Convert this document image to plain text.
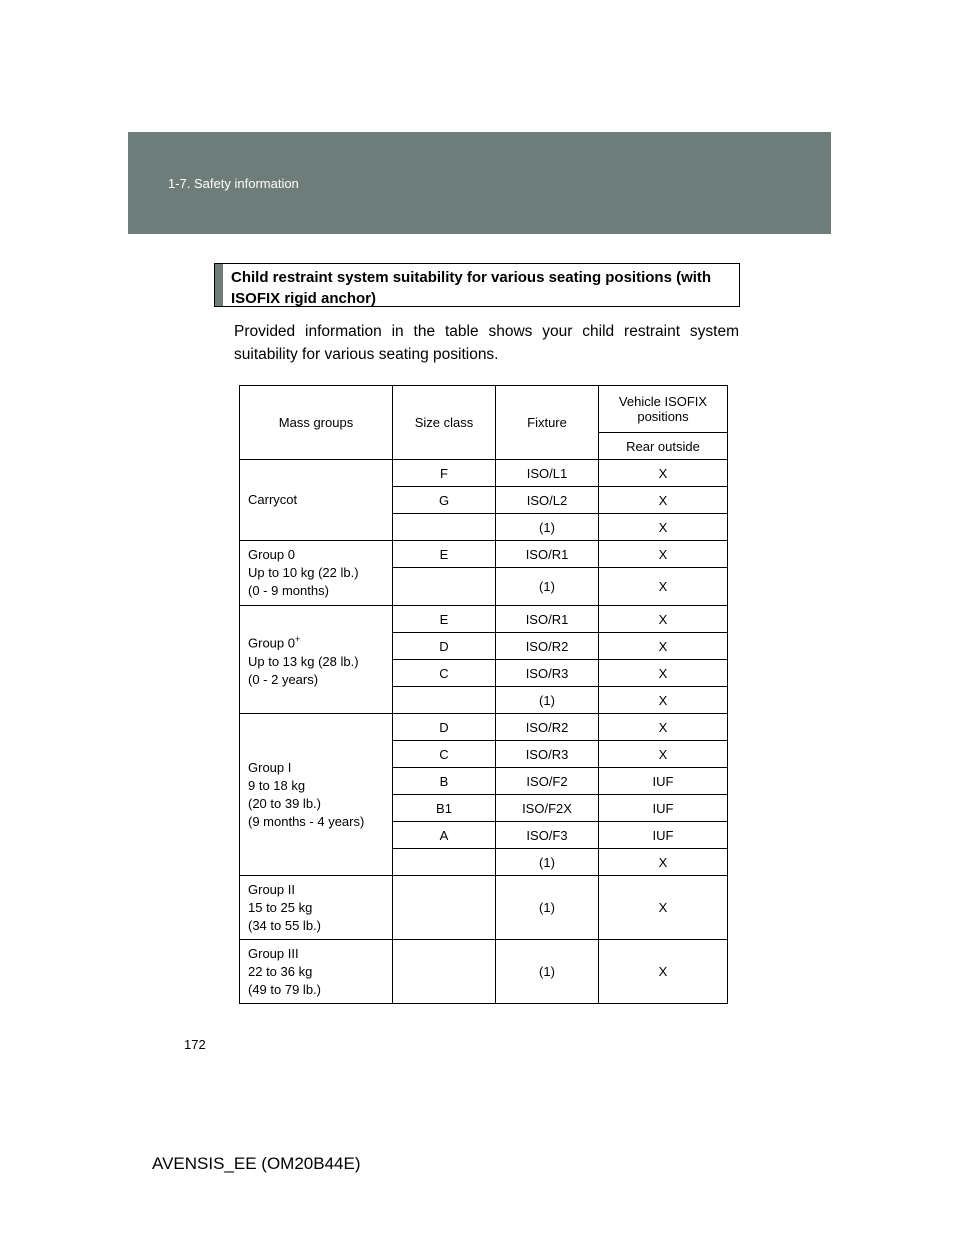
1-7. Safety information
Child restraint system suitability for various seating positions (with ISOFIX rigid anchor)
Provided information in the table shows your child restraint system suitability for various seating positions.
Mass groups	Size class	Fixture	Vehicle ISOFIX positions
			Rear outside
Carrycot	F	ISO/L1	X
	G	ISO/L2	X
		(1)	X
Group 0
Up to 10 kg (22 lb.)
(0 - 9 months)	E	ISO/R1	X
		(1)	X
Group 0+
Up to 13 kg (28 lb.)
(0 - 2 years)	E	ISO/R1	X
	D	ISO/R2	X
	C	ISO/R3	X
		(1)	X
Group I
9 to 18 kg
(20 to 39 lb.)
(9 months - 4 years)	D	ISO/R2	X
	C	ISO/R3	X
	B	ISO/F2	IUF
	B1	ISO/F2X	IUF
	A	ISO/F3	IUF
		(1)	X
Group II
15 to 25 kg
(34 to 55 lb.)		(1)	X
Group III
22 to 36 kg
(49 to 79 lb.)		(1)	X
172
AVENSIS_EE (OM20B44E)
